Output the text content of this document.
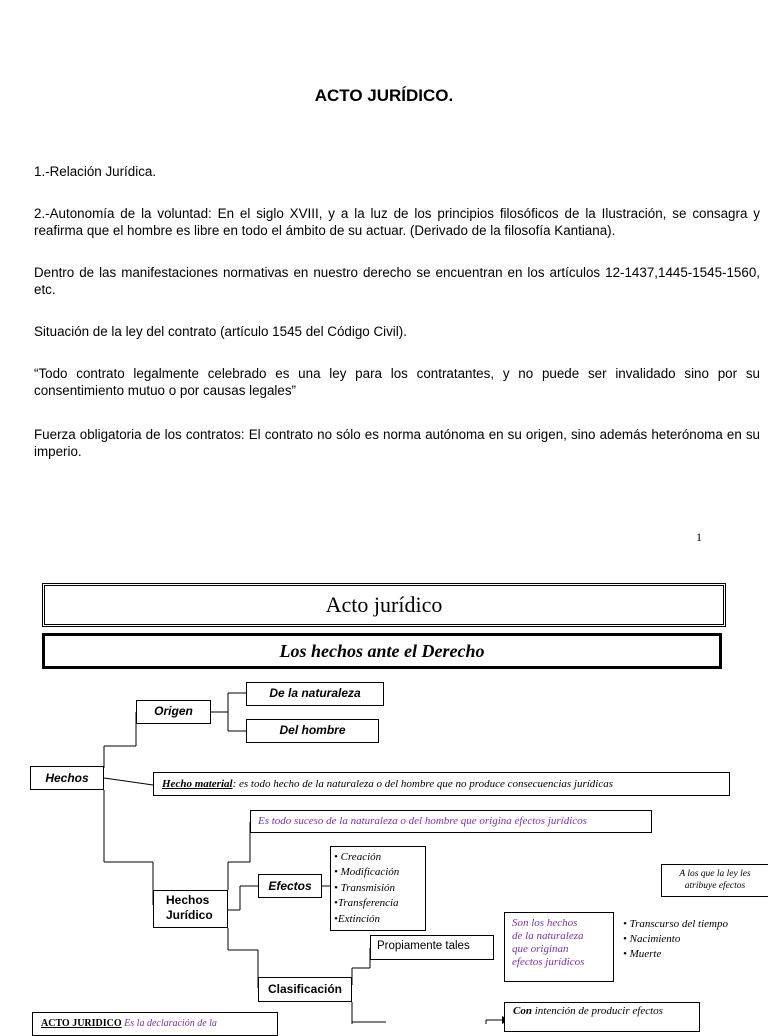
ACTO JURÍDICO.

1.-Relación Jurídica.

2.-Autonomía de la voluntad: En el siglo XVIII, y a la luz de los principios filosóficos de la Ilustración, se consagra y reafirma que el hombre es libre en todo el ámbito de su actuar. (Derivado de la filosofía Kantiana).

Dentro de las manifestaciones normativas en nuestro derecho se encuentran en los artículos 12-1437,1445-1545-1560, etc.

Situación de la ley del contrato (artículo 1545 del Código Civil).

“Todo contrato legalmente celebrado es una ley para los contratantes, y no puede ser invalidado sino por su consentimiento mutuo o por causas legales”

Fuerza obligatoria de los contratos: El contrato no sólo es norma autónoma en su origen, sino además heterónoma en su imperio.

1
Acto jurídico
Los hechos ante el Derecho
Hechos
Origen
De la naturaleza
Del hombre
Hecho material: es todo hecho de la naturaleza o del hombre que no produce consecuencias jurídicas
Es todo suceso de la naturaleza o del hombre que origina efectos jurídicos
Hechos
Jurídico
Efectos
• Creación
• Modificación
• Transmisión
•Transferencia
•Extinción
Propiamente tales
Clasificación
Son los hechos
de la naturaleza
que originan
efectos jurídicos
• Transcurso del tiempo
• Nacimiento
• Muerte
A los que la ley les
atribuye efectos
Con intención de producir efectos
ACTO JURIDICO Es la declaración de la
